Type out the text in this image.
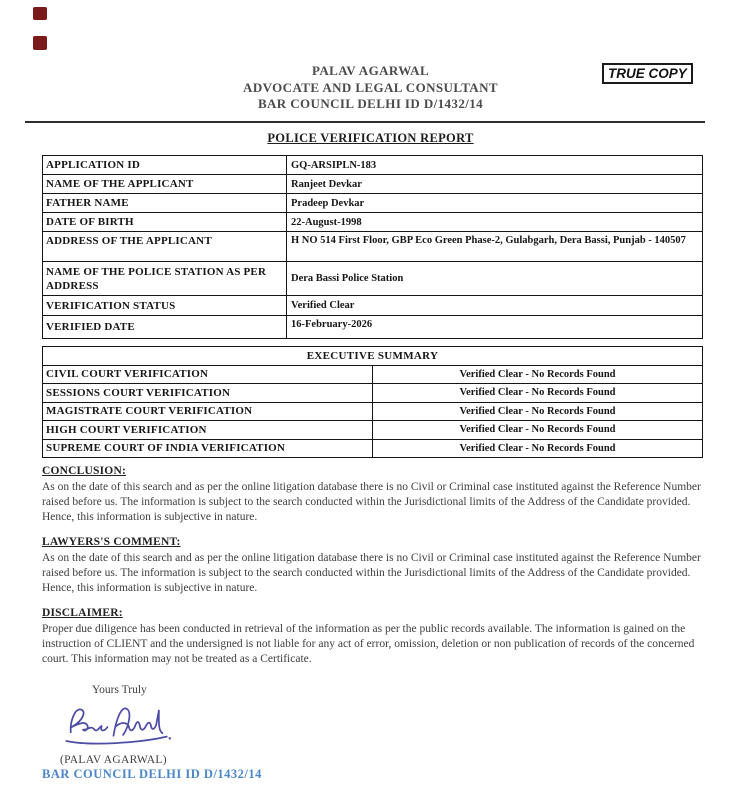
PALAV AGARWAL
ADVOCATE AND LEGAL CONSULTANT
BAR COUNCIL DELHI ID D/1432/14
TRUE COPY
POLICE VERIFICATION REPORT
APPLICATION ID	GQ-ARSIPLN-183
NAME OF THE APPLICANT	Ranjeet Devkar
FATHER NAME	Pradeep Devkar
DATE OF BIRTH	22-August-1998
ADDRESS OF THE APPLICANT	H NO 514 First Floor, GBP Eco Green Phase-2, Gulabgarh, Dera Bassi, Punjab - 140507
NAME OF THE POLICE STATION AS PER ADDRESS	Dera Bassi Police Station
VERIFICATION STATUS	Verified Clear
VERIFIED DATE	16-February-2026
EXECUTIVE SUMMARY	
CIVIL COURT VERIFICATION	Verified Clear - No Records Found
SESSIONS COURT VERIFICATION	Verified Clear - No Records Found
MAGISTRATE COURT VERIFICATION	Verified Clear - No Records Found
HIGH COURT VERIFICATION	Verified Clear - No Records Found
SUPREME COURT OF INDIA VERIFICATION	Verified Clear - No Records Found
CONCLUSION:
As on the date of this search and as per the online litigation database there is no Civil or Criminal case instituted against the Reference Number raised before us. The information is subject to the search conducted within the Jurisdictional limits of the Address of the Candidate provided. Hence, this information is subjective in nature.
LAWYERS'S COMMENT:
As on the date of this search and as per the online litigation database there is no Civil or Criminal case instituted against the Reference Number raised before us. The information is subject to the search conducted within the Jurisdictional limits of the Address of the Candidate provided. Hence, this information is subjective in nature.
DISCLAIMER:
Proper due diligence has been conducted in retrieval of the information as per the public records available. The information is gained on the instruction of CLIENT and the undersigned is not liable for any act of error, omission, deletion or non publication of records of the concerned court. This information may not be treated as a Certificate.
Yours Truly
(PALAV AGARWAL)
BAR COUNCIL DELHI ID D/1432/14
